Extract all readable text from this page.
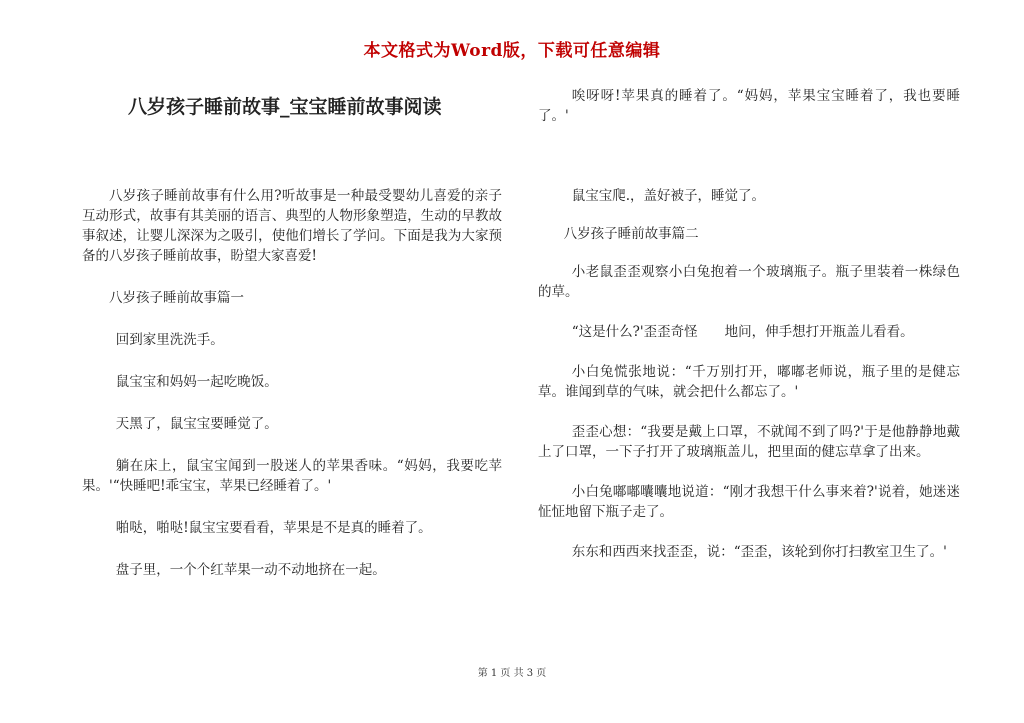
本文格式为Word版，下载可任意编辑
八岁孩子睡前故事_宝宝睡前故事阅读

八岁孩子睡前故事有什么用?听故事是一种最受婴幼儿喜爱的亲子互动形式，故事有其美丽的语言、典型的人物形象塑造，生动的早教故事叙述，让婴儿深深为之吸引，使他们增长了学问。下面是我为大家预备的八岁孩子睡前故事，盼望大家喜爱!

八岁孩子睡前故事篇一

回到家里洗洗手。

鼠宝宝和妈妈一起吃晚饭。

天黑了，鼠宝宝要睡觉了。

躺在床上，鼠宝宝闻到一股迷人的苹果香味。“妈妈，我要吃苹果。'“快睡吧!乖宝宝，苹果已经睡着了。'

啪哒，啪哒!鼠宝宝要看看，苹果是不是真的睡着了。

盘子里，一个个红苹果一动不动地挤在一起。

唉呀呀!苹果真的睡着了。“妈妈，苹果宝宝睡着了，我也要睡了。'

鼠宝宝爬.，盖好被子，睡觉了。

八岁孩子睡前故事篇二

小老鼠歪歪观察小白兔抱着一个玻璃瓶子。瓶子里装着一株绿色的草。

“这是什么?'歪歪奇怪　　地问，伸手想打开瓶盖儿看看。

小白兔慌张地说：“千万别打开，嘟嘟老师说，瓶子里的是健忘草。谁闻到草的气味，就会把什么都忘了。'

歪歪心想：“我要是戴上口罩，不就闻不到了吗?'于是他静静地戴上了口罩，一下子打开了玻璃瓶盖儿，把里面的健忘草拿了出来。

小白兔嘟嘟囔囔地说道：“刚才我想干什么事来着?'说着，她迷迷怔怔地留下瓶子走了。

东东和西西来找歪歪，说：“歪歪，该轮到你打扫教室卫生了。'

第 1 页 共 3 页
